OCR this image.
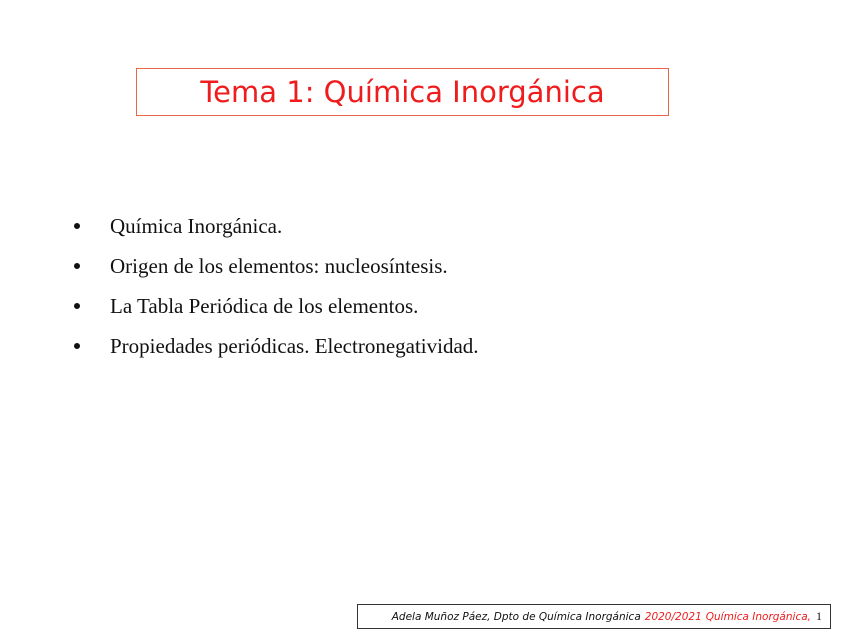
Tema 1: Química Inorgánica
Química Inorgánica.
Origen de los elementos: nucleosíntesis.
La Tabla Periódica de los elementos.
Propiedades periódicas. Electronegatividad.
Adela Muñoz Páez, Dpto de Química Inorgánica 2020/2021 Química Inorgánica, 1
